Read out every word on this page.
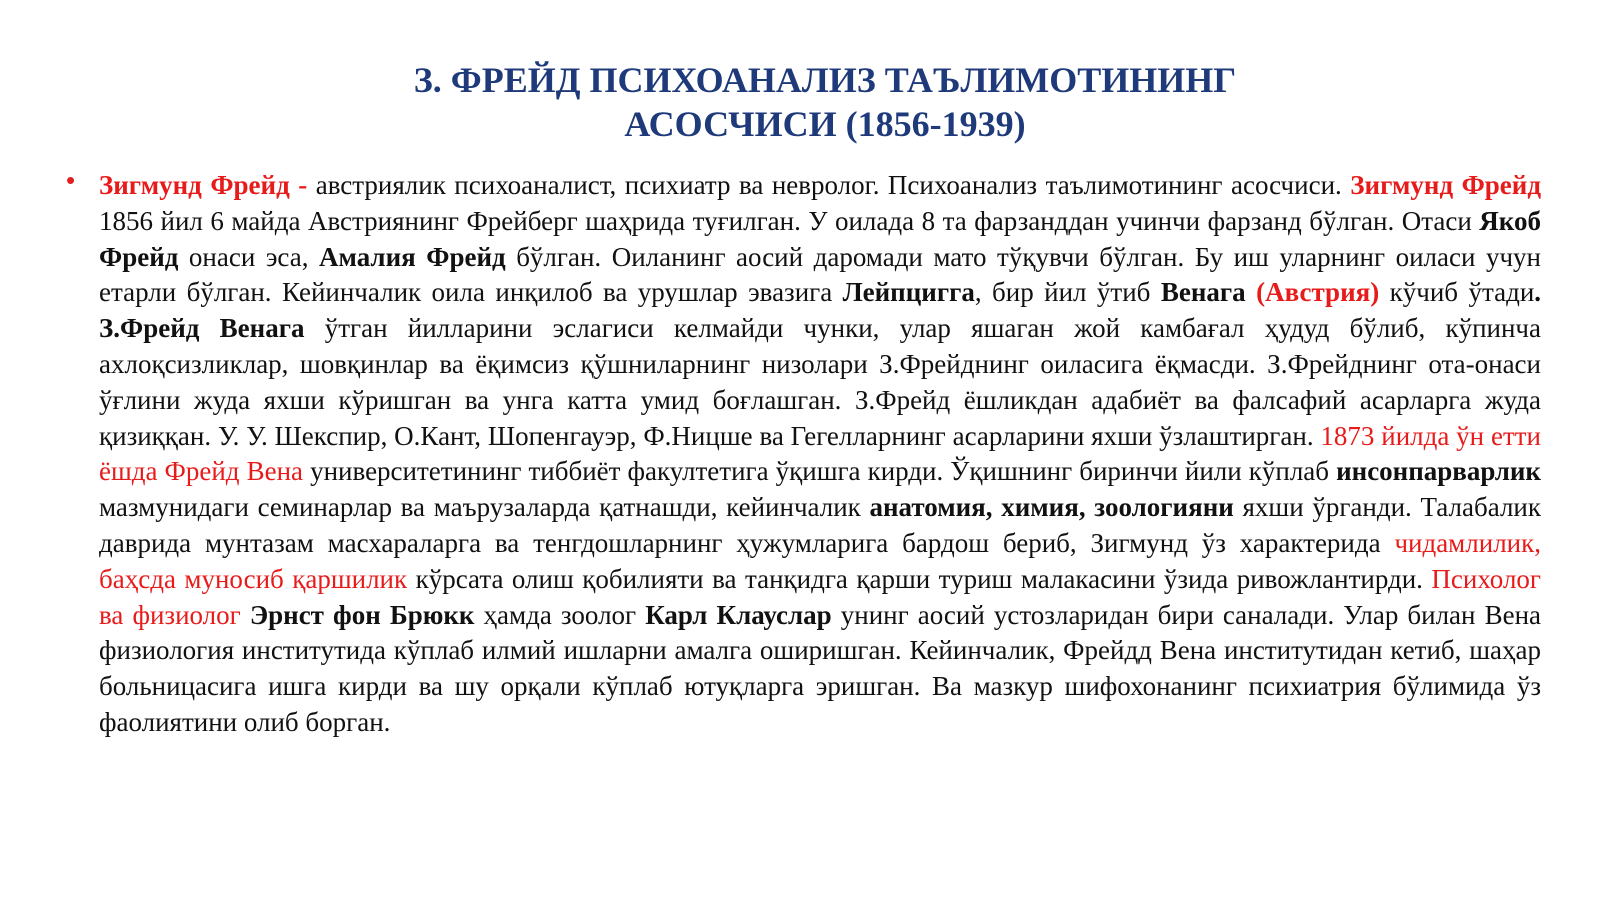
З. ФРЕЙД ПСИХОАНАЛИЗ ТАЪЛИМОТИНИНГ
АСОСЧИСИ (1856-1939)
• Зигмунд Фрейд - австриялик психоаналист, психиатр ва невролог. Психоанализ таълимотининг асосчиси. Зигмунд Фрейд 1856 йил 6 майда Австриянинг Фрейберг шаҳрида туғилган. У оилада 8 та фарзанддан учинчи фарзанд бўлган. Отаси Якоб Фрейд онаси эса, Амалия Фрейд бўлган. Оиланинг аосий даромади мато тўқувчи бўлган. Бу иш уларнинг оиласи учун етарли бўлган. Кейинчалик оила инқилоб ва урушлар эвазига Лейпцигга, бир йил ўтиб Венага (Австрия) кўчиб ўтади. З.Фрейд Венага ўтган йилларини эслагиси келмайди чунки, улар яшаган жой камбағал ҳудуд бўлиб, кўпинча ахлоқсизликлар, шовқинлар ва ёқимсиз қўшниларнинг низолари З.Фрейднинг оиласига ёқмасди. З.Фрейднинг ота-онаси ўғлини жуда яхши кўришган ва унга катта умид боғлашган. З.Фрейд ёшликдан адабиёт ва фалсафий асарларга жуда қизиққан. У. У. Шекспир, О.Кант, Шопенгауэр, Ф.Ницше ва Гегелларнинг асарларини яхши ўзлаштирган. 1873 йилда ўн етти ёшда Фрейд Вена университетининг тиббиёт факултетига ўқишга кирди. Ўқишнинг биринчи йили кўплаб инсонпарварлик мазмунидаги семинарлар ва маърузаларда қатнашди, кейинчалик анатомия, химия, зоологияни яхши ўрганди. Талабалик даврида мунтазам масхараларга ва тенгдошларнинг ҳужумларига бардош бериб, Зигмунд ўз характерида чидамлилик, баҳсда муносиб қаршилик кўрсата олиш қобилияти ва танқидга қарши туриш малакасини ўзида ривожлантирди. Психолог ва физиолог Эрнст фон Брюкк ҳамда зоолог Карл Клауслар унинг аосий устозларидан бири саналади. Улар билан Вена физиология институтида кўплаб илмий ишларни амалга оширишган. Кейинчалик, Фрейдд Вена институтидан кетиб, шаҳар больницасига ишга кирди ва шу орқали кўплаб ютуқларга эришган. Ва мазкур шифохонанинг психиатрия бўлимида ўз фаолиятини олиб борган.
